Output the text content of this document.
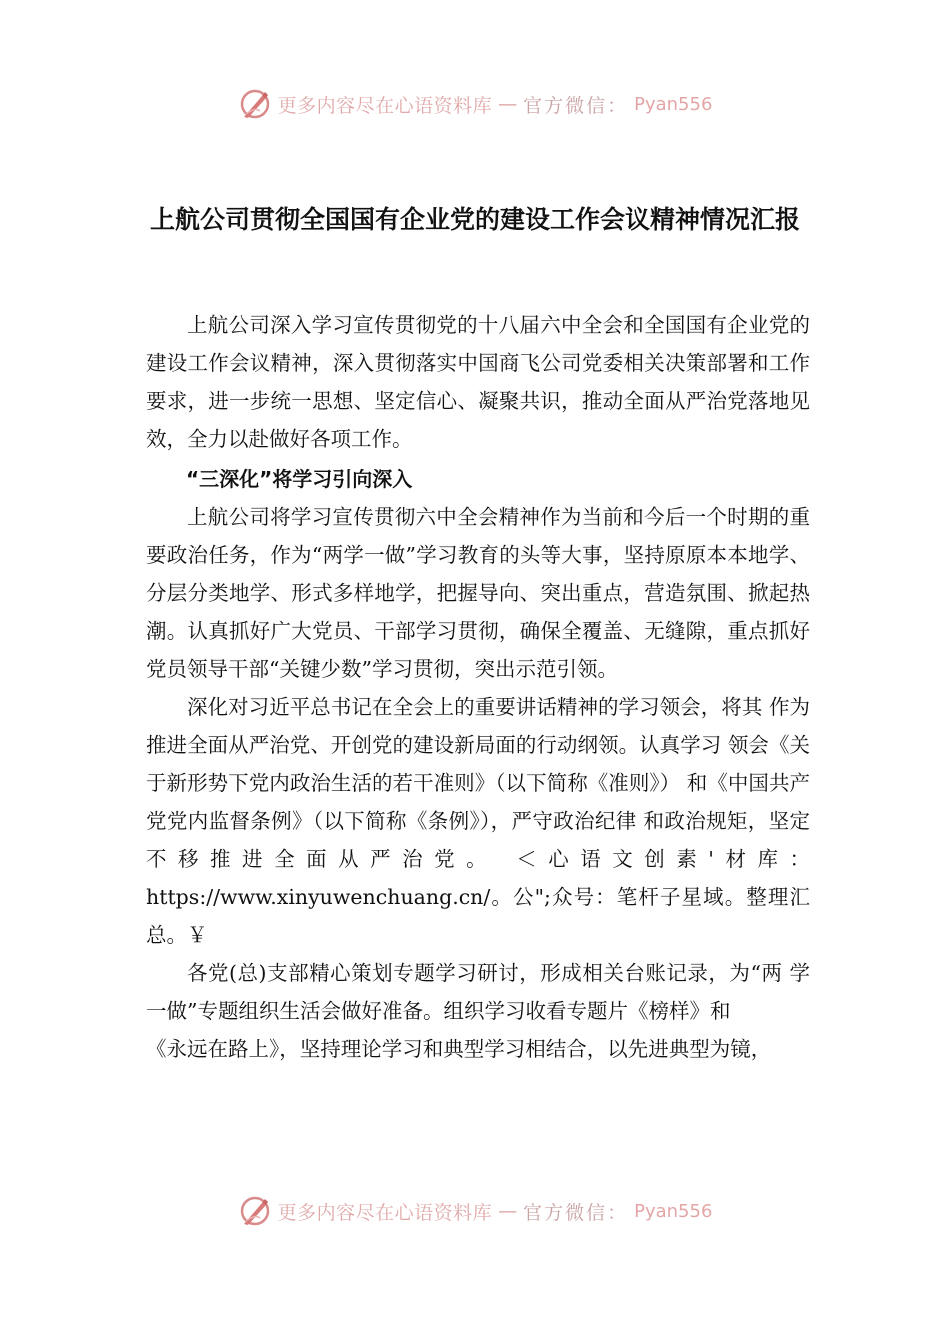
更多内容尽在心语资料库 — 官方微信： Pyan556
上航公司贯彻全国国有企业党的建设工作会议精神情况汇报

上航公司深入学习宣传贯彻党的十八届六中全会和全国国有企业党的建设工作会议精神，深入贯彻落实中国商飞公司党委相关决策部署和工作要求，进一步统一思想、坚定信心、凝聚共识，推动全面从严治党落地见效，全力以赴做好各项工作。

“三深化”将学习引向深入

上航公司将学习宣传贯彻六中全会精神作为当前和今后一个时期的重要政治任务，作为“两学一做”学习教育的头等大事，坚持原原本本地学、分层分类地学、形式多样地学，把握导向、突出重点，营造氛围、掀起热潮。认真抓好广大党员、干部学习贯彻，确保全覆盖、无缝隙，重点抓好党员领导干部“关键少数”学习贯彻，突出示范引领。

深化对习近平总书记在全会上的重要讲话精神的学习领会，将其 作为推进全面从严治党、开创党的建设新局面的行动纲领。认真学习 领会《关于新形势下党内政治生活的若干准则》（以下简称《准则》） 和《中国共产党党内监督条例》（以下简称《条例》），严守政治纪律 和政治规矩，坚定不移推进全面从严治党。 ＜心语文创素'材库：https://www.xinyuwenchuang.cn/。公";众号：笔杆子星域。整理汇总。￥

各党(总)支部精心策划专题学习研讨，形成相关台账记录，为“两 学一做”专题组织生活会做好准备。组织学习收看专题片《榜样》和

《永远在路上》，坚持理论学习和典型学习相结合，以先进典型为镜，

更多内容尽在心语资料库 — 官方微信： Pyan556
